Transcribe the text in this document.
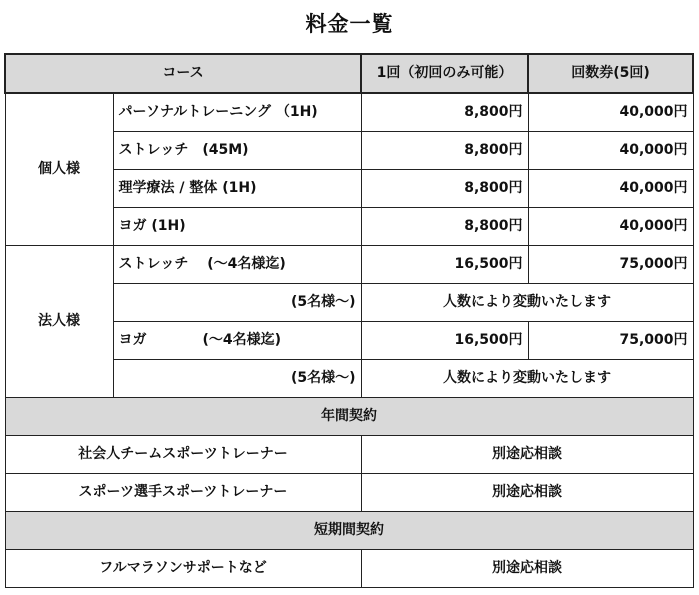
料金一覧
コース		1回（初回のみ可能）	回数券(5回)
個人様	パーソナルトレーニング （1H)	8,800円	40,000円
	ストレッチ　(45M)	8,800円	40,000円
	理学療法 / 整体 (1H)	8,800円	40,000円
	ヨガ (1H)	8,800円	40,000円
法人様	ストレッチ　 (～4名様迄)	16,500円	75,000円
	(5名様～)	人数により変動いたします	
	ヨガ　　　　(～4名様迄)	16,500円	75,000円
	(5名様～)	人数により変動いたします	
年間契約			
社会人チームスポーツトレーナー		別途応相談	
スポーツ選手スポーツトレーナー		別途応相談	
短期間契約			
フルマラソンサポートなど		別途応相談	
